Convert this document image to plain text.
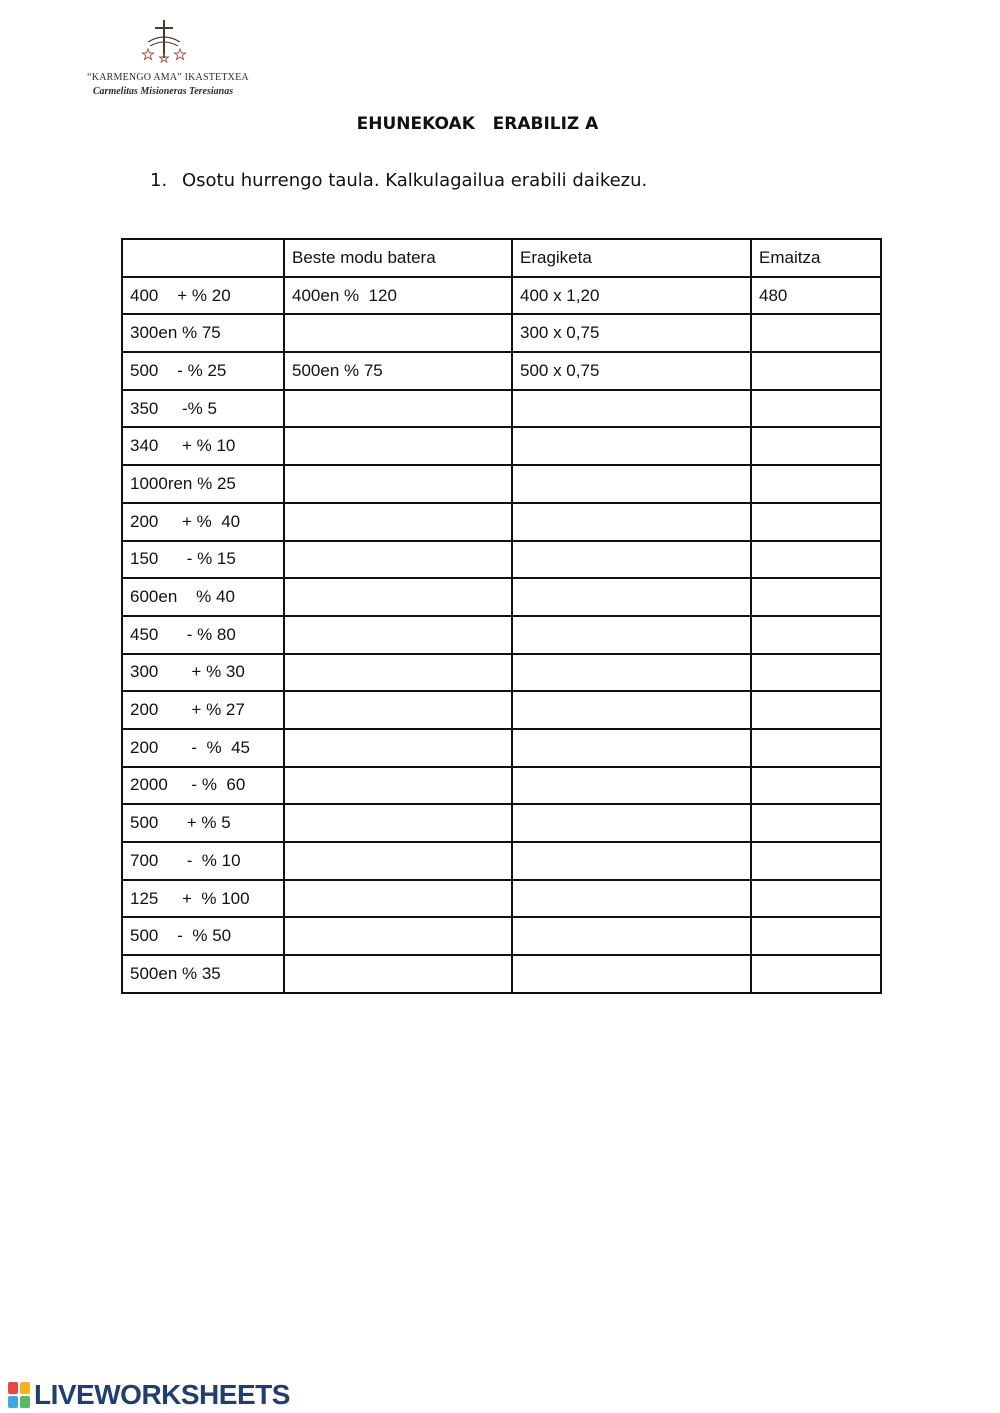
“KARMENGO AMA” IKASTETXEA
Carmelitas Misioneras Teresianas
EHUNEKOAK   ERABILIZ A
1. Osotu hurrengo taula. Kalkulagailua erabili daikezu.
	Beste modu batera	Eragiketa	Emaitza
400    + % 20	400en %  120	400 x 1,20	480
300en % 75		300 x 0,75	
500    - % 25	500en % 75	500 x 0,75	
350     -% 5			
340     + % 10			
1000ren % 25			
200     + %  40			
150      - % 15			
600en    % 40			
450      - % 80			
300       + % 30			
200       + % 27			
200       -  %  45			
2000     - %  60			
500      + % 5			
700      -  % 10			
125     +  % 100			
500    -  % 50			
500en % 35			
LIVEWORKSHEETS
